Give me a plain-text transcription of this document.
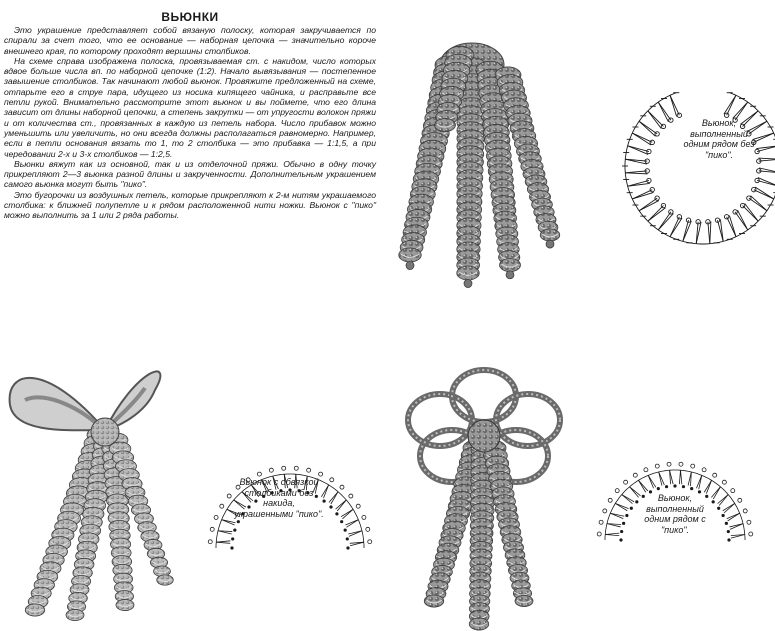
ВЬЮНКИ

Это украшение представляет собой вязаную полоску, которая закручивается по спирали за счет того, что ее основание — наборная цепочка — значительно короче внешнего края, по которому проходят вершины столбиков.

На схеме справа изображена полоска, провязываемая ст. с накидом, число которых вдвое больше числа вп. по наборной цепочке (1:2). Начало вывязывания — постепенное завышение столбиков. Так начинают любой вьюнок. Провяжите предложенный на схеме, отпарьте его в струе пара, идущего из носика кипящего чайника, и расправьте все петли рукой. Внимательно рассмотрите этот вьюнок и вы поймете, что его длина зависит от длины наборной цепочки, а степень закрутки — от упругости волокон пряжи и от количества ст., провязанных в каждую из петель набора. Число прибавок можно уменьшить или увеличить, но они всегда должны располагаться равномерно. Например, если в петли основания вязать то 1, то 2 столбика — это прибавка — 1:1,5, а при чередовании 2-х и 3-х столбиков — 1:2,5.

Вьюнки вяжут как из основной, так и из отделочной пряжи. Обычно в одну точку прикрепляют 2—3 вьюнка разной длины и закрученности. Дополнительным украшением самого вьюнка могут быть "пико".

Это бугорочки из воздушных петель, которые прикрепляют к 2-м нитям украшаемого столбика: к ближней полупетле и к рядом расположенной нити ножки. Вьюнок с "пико" можно выполнить за 1 или 2 ряда работы.

Вьюнок, выполненный одним рядом без "пико".
Вьюнок с обвязкой столбиками без накида, украшенными "пико".
Вьюнок, выполненный одним рядом с "пико".
